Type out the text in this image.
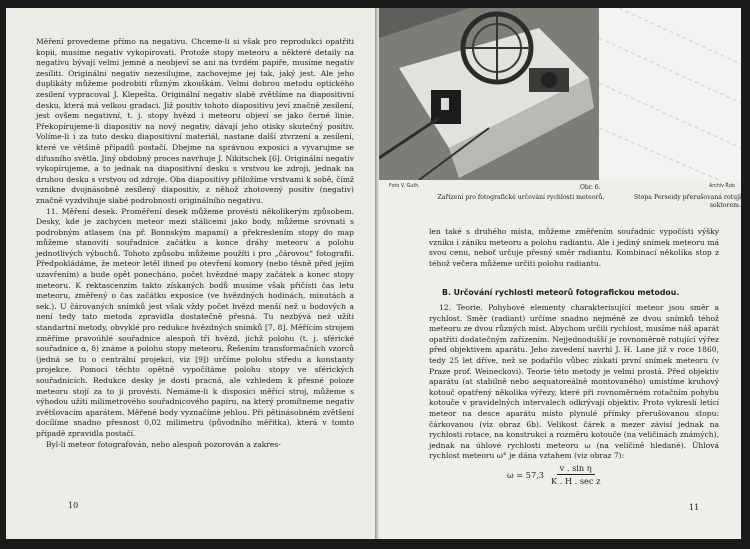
Měření provedeme přímo na negativu. Chceme-li si však pro reprodukci opatřiti kopii, musíme negativ vykopírovati. Protože stopy meteoru a některé detaily na negativu bývají velmi jemné a neobjeví se ani na tvrdém papíře, musíme negativ zesíliti. Originální negativ nezesilujme, zachovejme jej tak, jaký jest. Ale jeho duplikáty můžeme podrobiti různým zkouškám. Velmi dobrou metodu optického zesílení vypracoval J. Klepešta. Originální negativ slabě zvětšíme na diapositivní desku, která má velkou gradaci. Již positiv tohoto diapositivu jeví značně zesílení, jest ovšem negativní, t. j. stopy hvězd i meteoru objeví se jako černé linie. Překopírujeme-li diapositiv na nový negativ, dávají jeho otisky skutečný positiv. Volíme-li i za tuto desku diapositivní materiál, nastane další ztvrzení a zesílení, které ve většině případů postačí. Dbejme na správnou exposici a vyvarujme se difusního světla. Jiný obdobný proces navrhuje J. Nikitschek [6]. Originální negativ vykopírujeme, a to jednak na diapositivní desku s vrstvou ke zdroji, jednak na druhou desku s vrstvou od zdroje. Oba diapositivy přiložíme vrstvami k sobě, čímž vznikne dvojnásobně zesílený diapositiv, z něhož zhotovený positiv (negativ) značně vyzdvihuje slabé podrobnosti originálního negativu.

11. Měření desek. Proměření desek můžeme provésti několikerým způsobem. Desky, kde je zachycen meteor mezi stálicemi jako body, můžeme srovnati s podrobným atlasem (na př. Bonnským mapami) a překreslením stopy do map můžeme stanoviti souřadnice začátku a konce dráhy meteoru a polohu jednotlivých výbuchů. Tohoto způsobu můžeme použíti i pro „čárovou“ fotografii. Předpokládáme, že meteor letěl ihned po otevření komory (nebo těsně před jejím uzavřením) a bude opět ponecháno, počet hvězdné mapy začátek a konec stopy meteoru. K rektascenzím takto získaných bodů musíme však přičísti čas letu meteoru, změřený o čas začátku exposice (ve hvězdných hodinách, minutách a sek.). U čárovaných snímků jest však vždy počet hvězd menší než u bodových a není tedy tato metoda zpravidla dostatečně přesná. Tu nezbývá než užíti standartní metody, obvyklé pro redukce hvězdných snímků [7, 8]. Měřícím strojem změříme pravoúhlé souřadnice alespoň tří hvězd, jichž polohu (t. j. sférické souřadnice α, δ) známe a polohu stopy meteoru. Řešením transformačních vzorců (jedná se tu o centrální projekci, viz [9]) určíme polohu středu a konstanty projekce. Pomocí těchto opětně vypočítáme polohu stopy ve sférických souřadnicích. Redukce desky je dosti pracná, ale vzhledem k přesné poloze meteoru stojí za to ji provésti. Nemáme-li k disposici měřicí stroj, můžeme s výhodou užíti milimetrového souřadnicového papíru, na který promítneme negativ zvětšovacím aparátem. Měřené body vyznačíme jehlou. Při pětinásobném zvětšení docílíme snadno přesnost 0,02 milimetru (původního měřítka), která v tomto případě zpravidla postačí.

Byl-li meteor fotografován, nebo alespoň pozorován a zakres-

10
Foto V. Guth.	Obr. 6.	Archív Řdo
Zařízení pro fotografické určování rychlosti meteorů.	Stopa Perseidy přerušovaná rotují sektorem.

len také s druhého místa, můžeme změřením souřadnic vypočísti výšky vzniku i zániku meteoru a polohu radiantu. Ale i jediný snímek meteoru má svou cenu, neboť určuje přesný směr radiantu. Kombinací několika stop z téhož večera můžeme určiti polohu radiantu.

B. Určování rychlosti meteorů fotografickou metodou.

12. Teorie. Pohybové elementy charakterisující meteor jsou směr a rychlost. Směr (radiant) určíme snadno nejméně ze dvou snímků téhož meteoru ze dvou různých míst. Abychom určili rychlost, musíme náš aparát opatřiti dodatečným zařízením. Nejjednodušší je rovnoměrně rotující výřez před objektivem aparátu. Jeho zavedení navrhl J. H. Lane již v roce 1860, tedy 25 let dříve, než se podařilo vůbec získati první snímek meteoru (v Praze prof. Weineckovi). Teorie této metody je velmi prostá. Před objektiv aparátu (at stabilně nebo aequatoreálně montovaného) umístíme kruhový kotouč opatřený několika výřezy, které při rovnoměrném rotačním pohybu kotouče v pravidelných intervalech odkrývají objektiv. Proto vykreslí letící meteor na desce aparátu místo plynulé přímky přerušovanou stopu: čárkovanou (viz obraz 6b). Velikost čárek a mezer závisí jednak na rychlosti rotace, na konstrukci a rozměru kotouče (na veličinách známých), jednak na úhlové rychlosti meteoru ω (na veličině hledané). Úhlová rychlost meteoru ω° je dána vztahem (viz obraz 7):

$\omega = 57,3 \frac{\text{v . sin η}}{\text{K . H . sec z}}$
11
